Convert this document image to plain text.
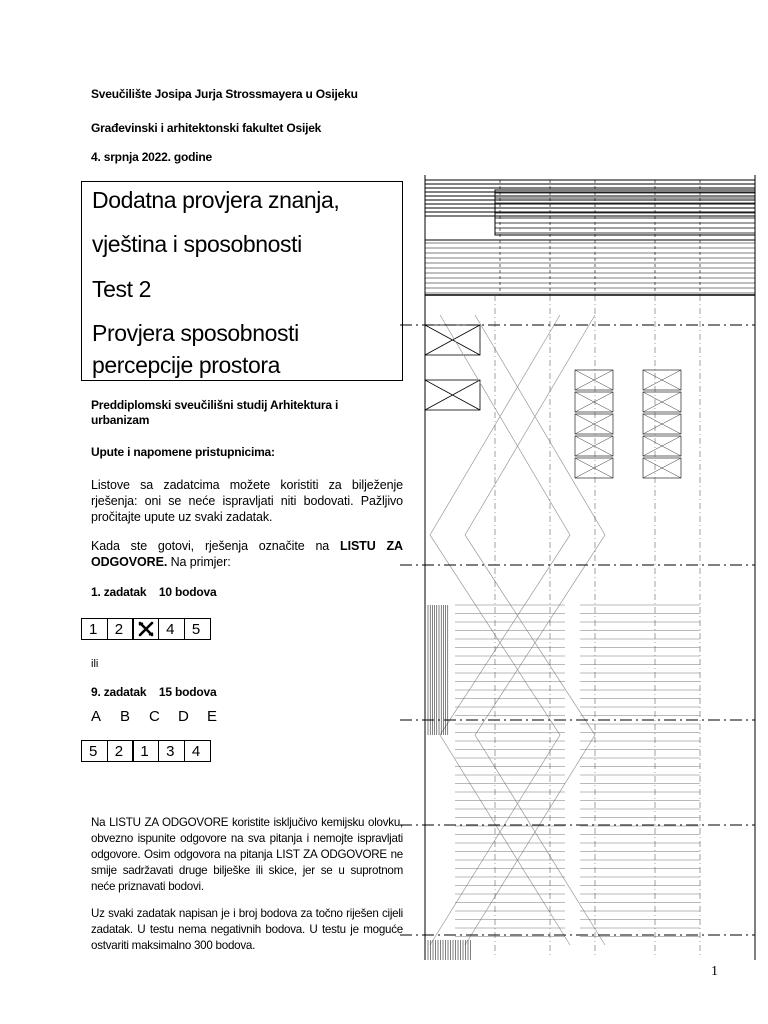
Sveučilište Josipa Jurja Strossmayera u Osijeku
Građevinski i arhitektonski fakultet Osijek
4. srpnja 2022. godine
Dodatna provjera znanja,
vještina i sposobnosti
Test 2
Provjera sposobnosti
percepcije prostora
Preddiplomski sveučilišni studij Arhitektura i
urbanizam
Upute i napomene pristupnicima:
Listove sa zadatcima možete koristiti za bilježenje rješenja: oni se neće ispravljati niti bodovati. Pažljivo pročitajte upute uz svaki zadatak.
Kada ste gotovi, rješenja označite na LISTU ZA ODGOVORE. Na primjer:
1. zadatak    10 bodova
1	2	4	5
ili
9. zadatak    15 bodova
A	B	C	D	E
5	2	1	3	4
Na LISTU ZA ODGOVORE koristite isključivo kemijsku olovku, obvezno ispunite odgovore na sva pitanja i nemojte ispravljati odgovore. Osim odgovora na pitanja LIST ZA ODGOVORE ne smije sadržavati druge bilješke ili skice, jer se u suprotnom neće priznavati bodovi.
Uz svaki zadatak napisan je i broj bodova za točno riješen cijeli zadatak. U testu nema negativnih bodova. U testu je moguće ostvariti maksimalno 300 bodova.
1
